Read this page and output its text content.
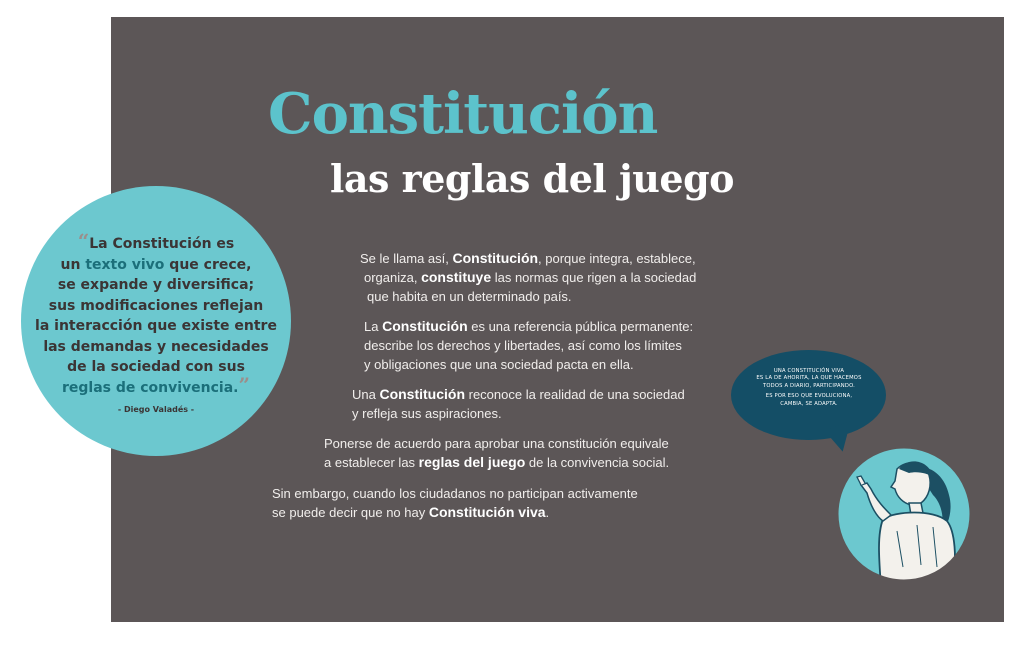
Constitución
las reglas del juego
Se le llama así, Constitución, porque integra, establece,
organiza, constituye las normas que rigen a la sociedad
que habita en un determinado país.
La Constitución es una referencia pública permanente:
describe los derechos y libertades, así como los límites
y obligaciones que una sociedad pacta en ella.
Una Constitución reconoce la realidad de una sociedad
y refleja sus aspiraciones.
Ponerse de acuerdo para aprobar una constitución equivale
a establecer las reglas del juego de la convivencia social.
Sin embargo, cuando los ciudadanos no participan activamente
se puede decir que no hay Constitución viva.
“La Constitución es
un texto vivo que crece,
se expande y diversifica;
sus modificaciones reflejan
la interacción que existe entre
las demandas y necesidades
de la sociedad con sus
reglas de convivencia.”
- Diego Valadés -

UNA CONSTITUCIÓN VIVA
ES LA DE AHORITA, LA QUE HACEMOS
TODOS A DIARIO, PARTICIPANDO.

ES POR ESO QUE EVOLUCIONA,
CAMBIA, SE ADAPTA.
